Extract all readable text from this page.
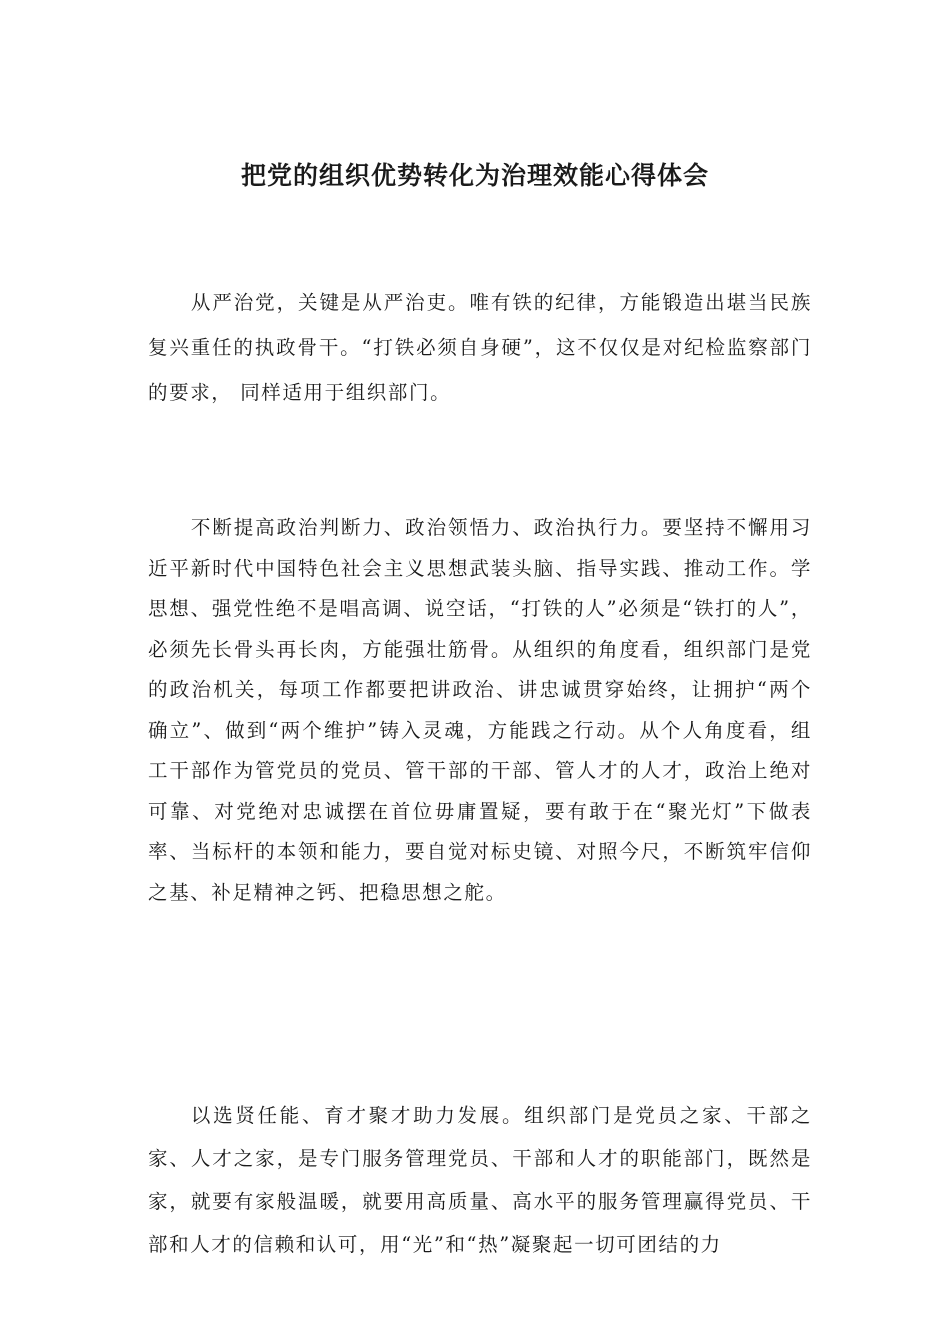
把党的组织优势转化为治理效能心得体会

从严治党，关键是从严治吏。唯有铁的纪律，方能锻造出堪当民族复兴重任的执政骨干。“打铁必须自身硬”，这不仅仅是对纪检监察部门的要求， 同样适用于组织部门。

不断提高政治判断力、政治领悟力、政治执行力。要坚持不懈用习近平新时代中国特色社会主义思想武装头脑、指导实践、推动工作。学思想、强党性绝不是唱高调、说空话，“打铁的人”必须是“铁打的人”，必须先长骨头再长肉，方能强壮筋骨。从组织的角度看，组织部门是党的政治机关，每项工作都要把讲政治、讲忠诚贯穿始终，让拥护“两个确立”、做到“两个维护”铸入灵魂，方能践之行动。从个人角度看，组工干部作为管党员的党员、管干部的干部、管人才的人才，政治上绝对可靠、对党绝对忠诚摆在首位毋庸置疑，要有敢于在“聚光灯”下做表率、当标杆的本领和能力，要自觉对标史镜、对照今尺，不断筑牢信仰之基、补足精神之钙、把稳思想之舵。

以选贤任能、育才聚才助力发展。组织部门是党员之家、干部之家、人才之家，是专门服务管理党员、干部和人才的职能部门，既然是家，就要有家般温暖，就要用高质量、高水平的服务管理赢得党员、干部和人才的信赖和认可，用“光”和“热”凝聚起一切可团结的力
